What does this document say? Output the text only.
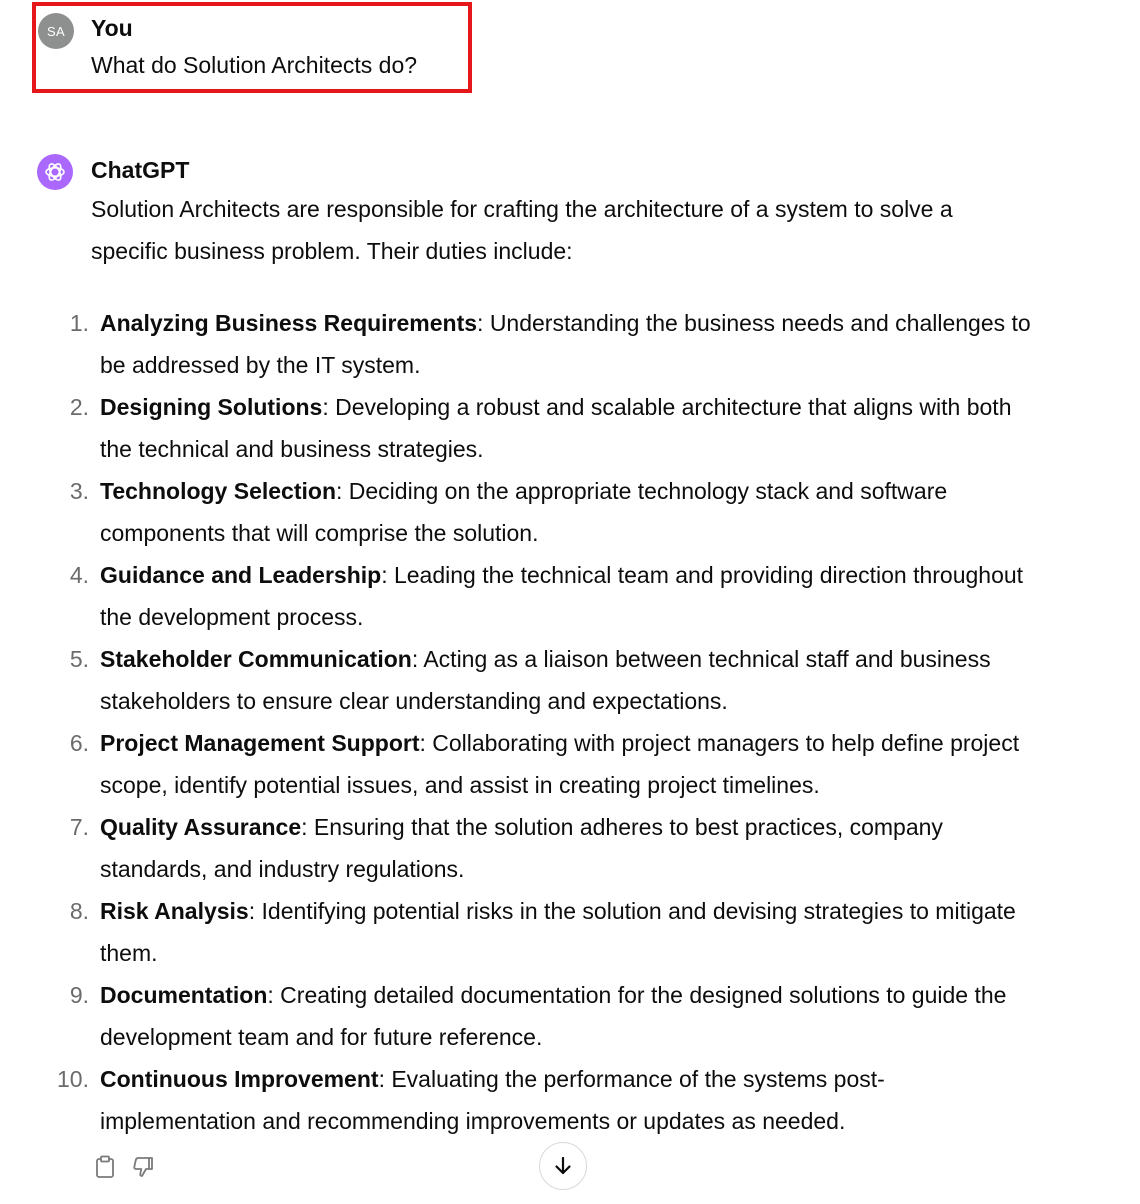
SA You
What do Solution Architects do?
ChatGPT
Solution Architects are responsible for crafting the architecture of a system to solve a specific business problem. Their duties include:
1. Analyzing Business Requirements: Understanding the business needs and challenges to be addressed by the IT system.
2. Designing Solutions: Developing a robust and scalable architecture that aligns with both the technical and business strategies.
3. Technology Selection: Deciding on the appropriate technology stack and software components that will comprise the solution.
4. Guidance and Leadership: Leading the technical team and providing direction throughout the development process.
5. Stakeholder Communication: Acting as a liaison between technical staff and business stakeholders to ensure clear understanding and expectations.
6. Project Management Support: Collaborating with project managers to help define project scope, identify potential issues, and assist in creating project timelines.
7. Quality Assurance: Ensuring that the solution adheres to best practices, company standards, and industry regulations.
8. Risk Analysis: Identifying potential risks in the solution and devising strategies to mitigate them.
9. Documentation: Creating detailed documentation for the designed solutions to guide the development team and for future reference.
10. Continuous Improvement: Evaluating the performance of the systems post-implementation and recommending improvements or updates as needed.
